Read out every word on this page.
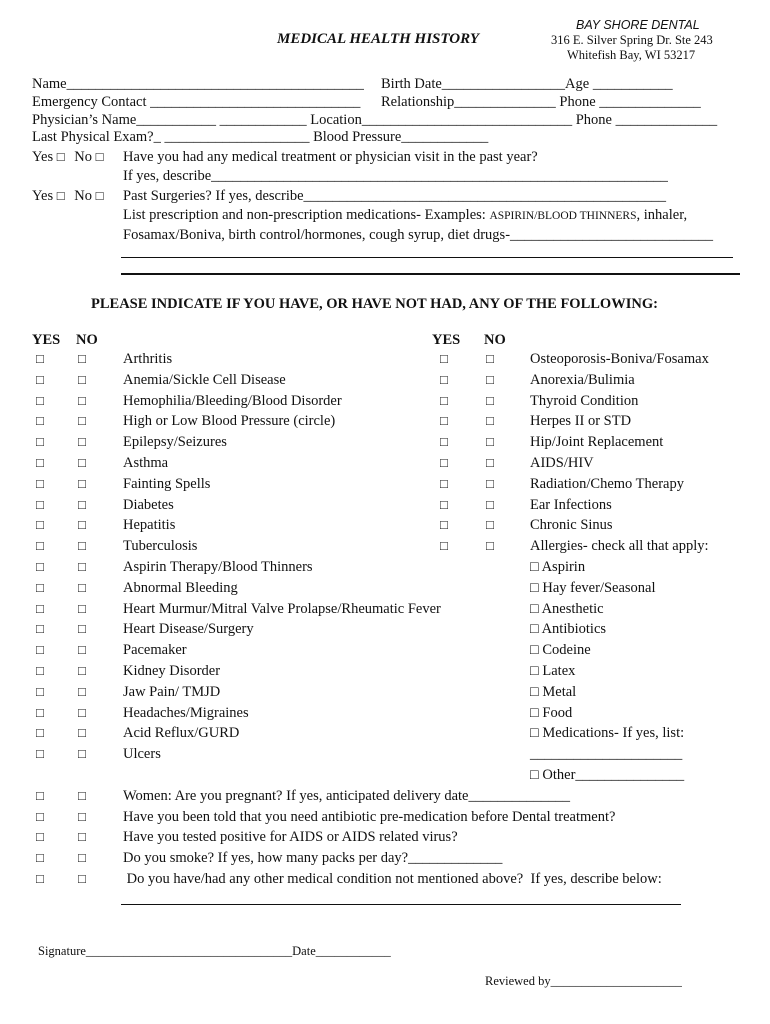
MEDICAL HEALTH HISTORY
BAY SHORE DENTAL
316 E. Silver Spring Dr. Ste 243
Whitefish Bay, WI 53217
Name_________________________________________ Birth Date_________________Age ___________
Emergency Contact _____________________________ Relationship______________ Phone ______________
Physician’s Name___________ ____________ Location_____________________________ Phone ______________
Last Physical Exam?_ ____________________ Blood Pressure____________
Yes □ No □ Have you had any medical treatment or physician visit in the past year?
If yes, describe_______________________________________________________________
Yes □ No □ Past Surgeries? If yes, describe__________________________________________________
List prescription and non-prescription medications- Examples: ASPIRIN/BLOOD THINNERS, inhaler,
Fosamax/Boniva, birth control/hormones, cough syrup, diet drugs-____________________________
PLEASE INDICATE IF YOU HAVE, OR HAVE NOT HAD, ANY OF THE FOLLOWING:
YES NO	YES NO
□	□	Arthritis
□	□	Anemia/Sickle Cell Disease
□	□	Hemophilia/Bleeding/Blood Disorder
□	□	High or Low Blood Pressure (circle)
□	□	Epilepsy/Seizures
□	□	Asthma
□	□	Fainting Spells
□	□	Diabetes
□	□	Hepatitis
□	□	Tuberculosis
□	□	Aspirin Therapy/Blood Thinners
□	□	Abnormal Bleeding
□	□	Heart Murmur/Mitral Valve Prolapse/Rheumatic Fever
□	□	Heart Disease/Surgery
□	□	Pacemaker
□	□	Kidney Disorder
□	□	Jaw Pain/ TMJD
□	□	Headaches/Migraines
□	□	Acid Reflux/GURD
□	□	Ulcers
□	□ Osteoporosis-Boniva/Fosamax
□	□ Anorexia/Bulimia
□	□ Thyroid Condition
□	□ Herpes II or STD
□	□ Hip/Joint Replacement
□	□ AIDS/HIV
□	□ Radiation/Chemo Therapy
□	□ Ear Infections
□	□ Chronic Sinus
□	□ Allergies- check all that apply:
□ Aspirin
□ Hay fever/Seasonal
□ Anesthetic
□ Antibiotics
□ Codeine
□ Latex
□ Metal
□ Food
□ Medications- If yes, list:
_____________________
□ Other_______________
□	□	Women: Are you pregnant? If yes, anticipated delivery date______________
□	□	Have you been told that you need antibiotic pre-medication before Dental treatment?
□	□	Have you tested positive for AIDS or AIDS related virus?
□	□	Do you smoke? If yes, how many packs per day?_____________
□	□	Do you have/had any other medical condition not mentioned above?  If yes, describe below:
Signature_________________________________Date____________
Reviewed by_____________________
